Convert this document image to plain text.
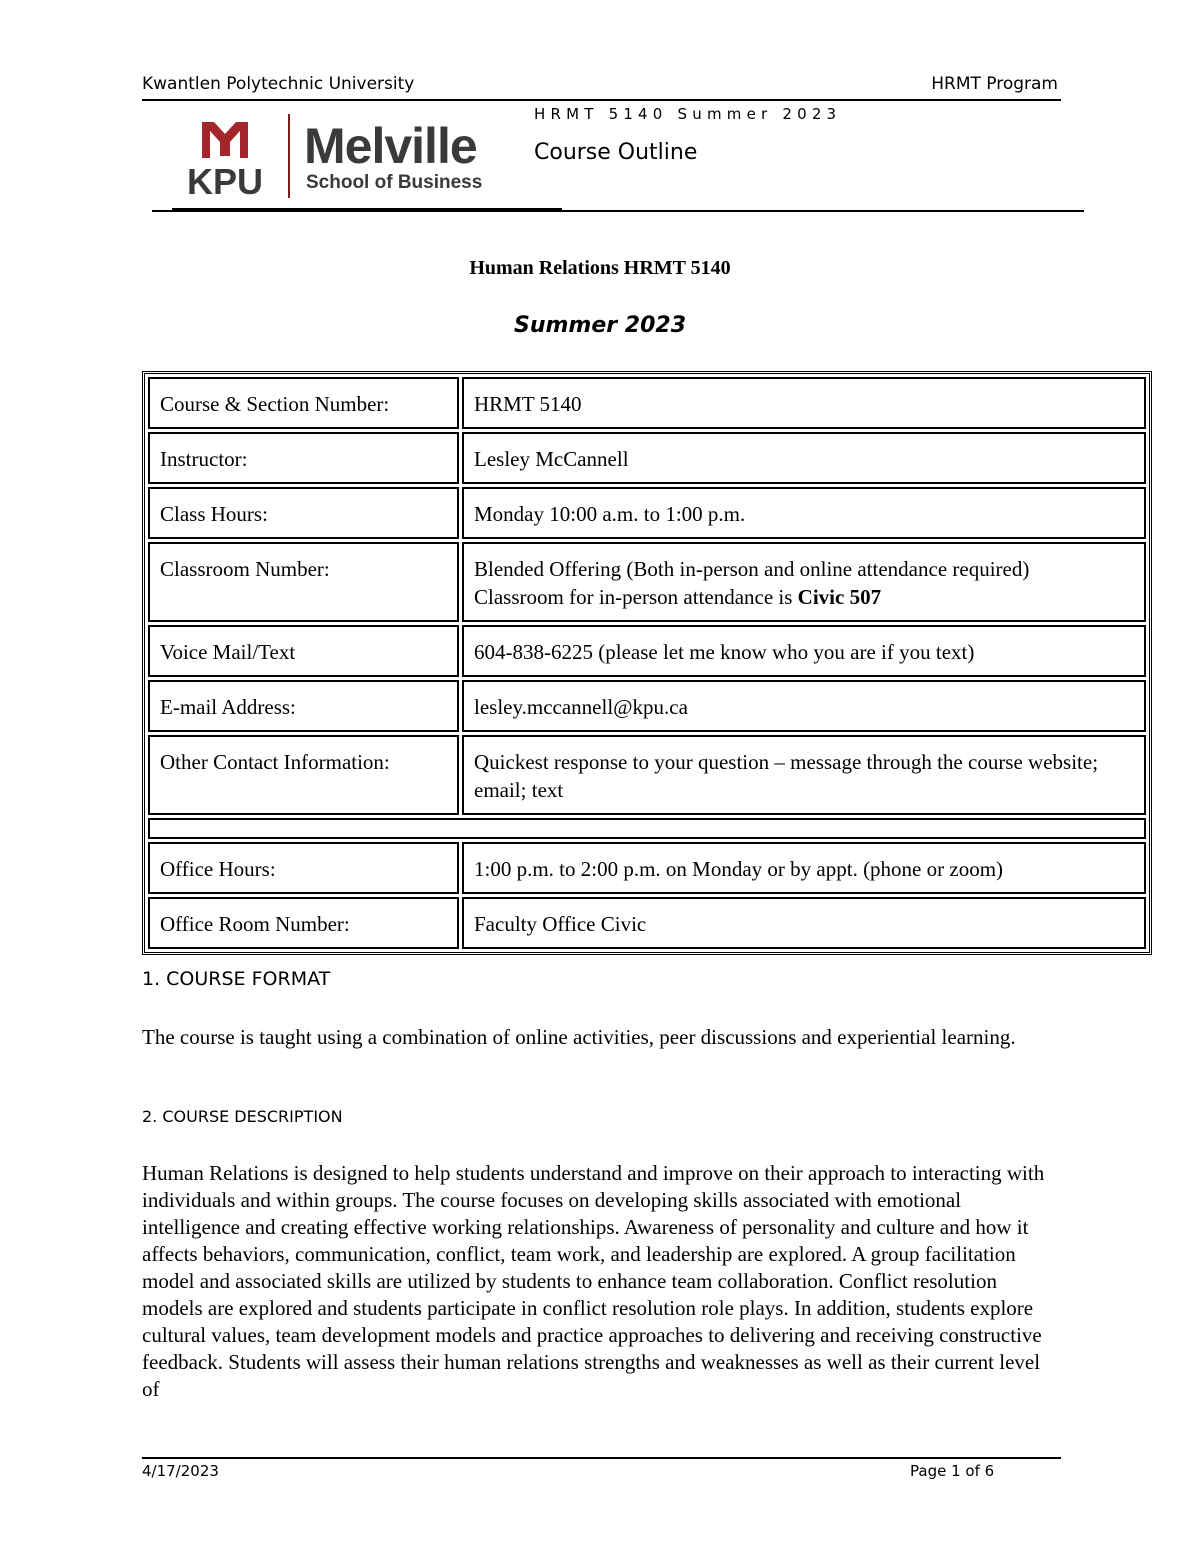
Kwantlen Polytechnic University	HRMT Program
KPU
Melville
School of Business
HRMT 5140 Summer 2023
Course Outline
Human Relations HRMT 5140
Summer 2023
Course & Section Number:	HRMT 5140
Instructor:	Lesley McCannell
Class Hours:	Monday 10:00 a.m. to 1:00 p.m.
Classroom Number:	Blended Offering (Both in-person and online attendance required)
Classroom for in-person attendance is Civic 507

Voice Mail/Text	604-838-6225 (please let me know who you are if you text)
E-mail Address:	lesley.mccannell@kpu.ca
Other Contact Information:	Quickest response to your question – message through the course website; email; text

Office Hours:	1:00 p.m. to 2:00 p.m. on Monday or by appt. (phone or zoom)
Office Room Number:	Faculty Office Civic
1. COURSE FORMAT
The course is taught using a combination of online activities, peer discussions and experiential learning.
2. COURSE DESCRIPTION
Human Relations is designed to help students understand and improve on their approach to interacting with individuals and within groups. The course focuses on developing skills associated with emotional intelligence and creating effective working relationships. Awareness of personality and culture and how it affects behaviors, communication, conflict, team work, and leadership are explored. A group facilitation model and associated skills are utilized by students to enhance team collaboration. Conflict resolution models are explored and students participate in conflict resolution role plays. In addition, students explore cultural values, team development models and practice approaches to delivering and receiving constructive feedback. Students will assess their human relations strengths and weaknesses as well as their current level of
4/17/2023	Page 1 of 6
